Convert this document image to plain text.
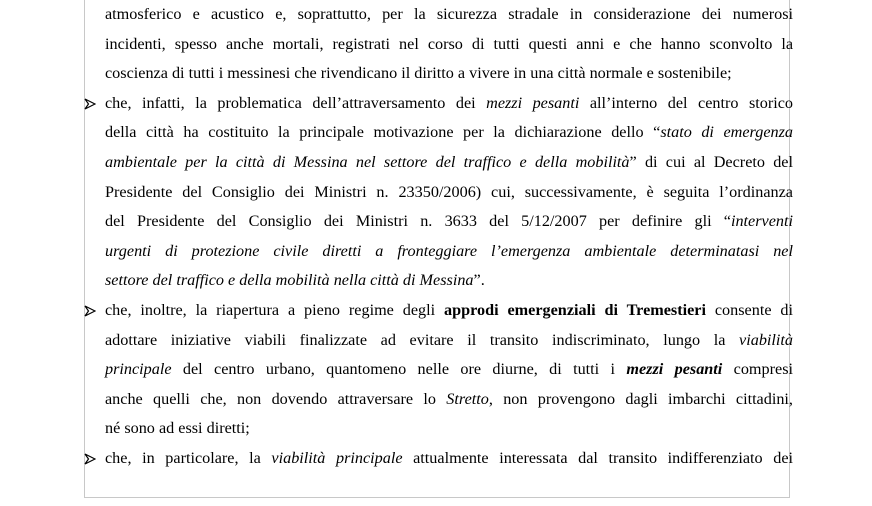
atmosferico e acustico e, soprattutto, per la sicurezza stradale in considerazione dei numerosi
incidenti, spesso anche mortali, registrati nel corso di tutti questi anni e che hanno sconvolto la
coscienza di tutti i messinesi che rivendicano il diritto a vivere in una città normale e sostenibile;
che, infatti, la problematica dell’attraversamento dei mezzi pesanti all’interno del centro storico
della città ha costituito la principale motivazione per la dichiarazione dello “stato di emergenza
ambientale per la città di Messina nel settore del traffico e della mobilità” di cui al Decreto del
Presidente del Consiglio dei Ministri n. 23350/2006) cui, successivamente, è seguita l’ordinanza
del Presidente del Consiglio dei Ministri n. 3633 del 5/12/2007 per definire gli “interventi
urgenti di protezione civile diretti a fronteggiare l’emergenza ambientale determinatasi nel
settore del traffico e della mobilità nella città di Messina”.
che, inoltre, la riapertura a pieno regime degli approdi emergenziali di Tremestieri consente di
adottare iniziative viabili finalizzate ad evitare il transito indiscriminato, lungo la viabilità
principale del centro urbano, quantomeno nelle ore diurne, di tutti i mezzi pesanti compresi
anche quelli che, non dovendo attraversare lo Stretto, non provengono dagli imbarchi cittadini,
né sono ad essi diretti;
che, in particolare, la viabilità principale attualmente interessata dal transito indifferenziato dei
